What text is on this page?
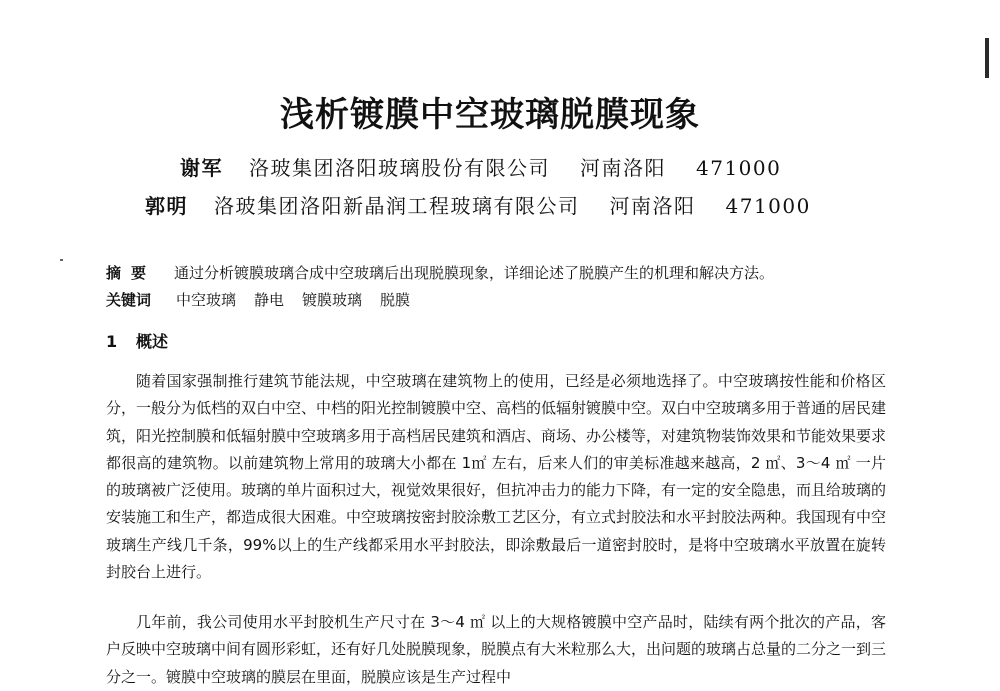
浅析镀膜中空玻璃脱膜现象
谢军 洛玻集团洛阳玻璃股份有限公司 河南洛阳 471000
郭明 洛玻集团洛阳新晶润工程玻璃有限公司 河南洛阳 471000
摘要 通过分析镀膜玻璃合成中空玻璃后出现脱膜现象，详细论述了脱膜产生的机理和解决方法。
关键词 中空玻璃 静电 镀膜玻璃 脱膜
1 概述

随着国家强制推行建筑节能法规，中空玻璃在建筑物上的使用，已经是必须地选择了。中空玻璃按性能和价格区分，一般分为低档的双白中空、中档的阳光控制镀膜中空、高档的低辐射镀膜中空。双白中空玻璃多用于普通的居民建筑，阳光控制膜和低辐射膜中空玻璃多用于高档居民建筑和酒店、商场、办公楼等，对建筑物装饰效果和节能效果要求都很高的建筑物。以前建筑物上常用的玻璃大小都在 1㎡ 左右，后来人们的审美标准越来越高，2 ㎡、3～4 ㎡ 一片的玻璃被广泛使用。玻璃的单片面积过大，视觉效果很好，但抗冲击力的能力下降，有一定的安全隐患，而且给玻璃的安装施工和生产，都造成很大困难。中空玻璃按密封胶涂敷工艺区分，有立式封胶法和水平封胶法两种。我国现有中空玻璃生产线几千条，99%以上的生产线都采用水平封胶法，即涂敷最后一道密封胶时，是将中空玻璃水平放置在旋转封胶台上进行。

几年前，我公司使用水平封胶机生产尺寸在 3～4 ㎡ 以上的大规格镀膜中空产品时，陆续有两个批次的产品，客户反映中空玻璃中间有圆形彩虹，还有好几处脱膜现象，脱膜点有大米粒那么大，出问题的玻璃占总量的二分之一到三分之一。镀膜中空玻璃的膜层在里面，脱膜应该是生产过程中
